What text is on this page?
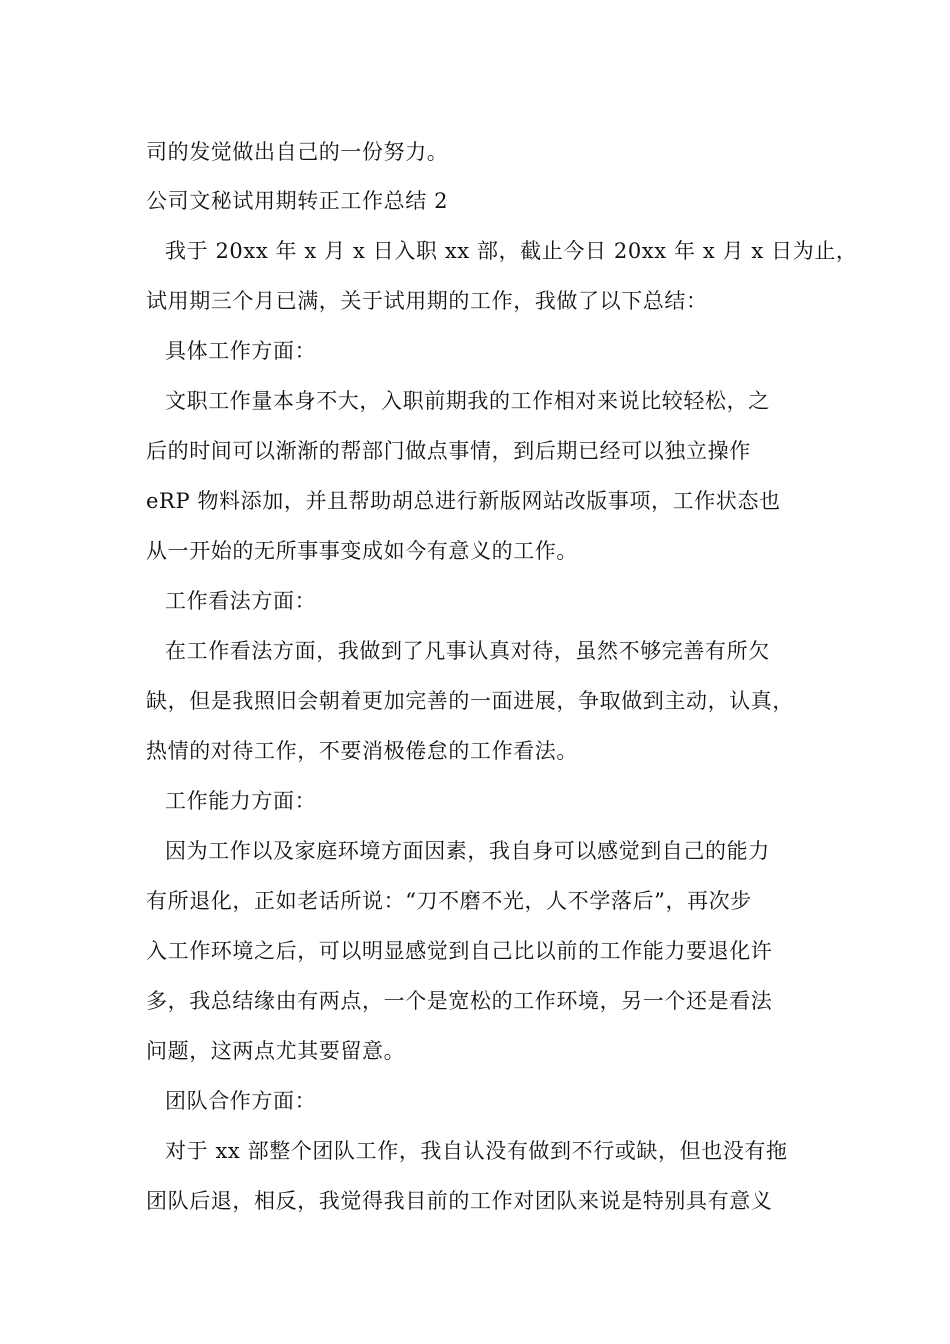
司的发觉做出自己的一份努力。
公司文秘试用期转正工作总结 2
我于 20xx 年 x 月 x 日入职 xx 部，截止今日 20xx 年 x 月 x 日为止，
试用期三个月已满，关于试用期的工作，我做了以下总结：
具体工作方面：
文职工作量本身不大，入职前期我的工作相对来说比较轻松，之
后的时间可以渐渐的帮部门做点事情，到后期已经可以独立操作
eRP 物料添加，并且帮助胡总进行新版网站改版事项，工作状态也
从一开始的无所事事变成如今有意义的工作。
工作看法方面：
在工作看法方面，我做到了凡事认真对待，虽然不够完善有所欠
缺，但是我照旧会朝着更加完善的一面进展，争取做到主动，认真，
热情的对待工作，不要消极倦怠的工作看法。
工作能力方面：
因为工作以及家庭环境方面因素，我自身可以感觉到自己的能力
有所退化，正如老话所说：“刀不磨不光，人不学落后”，再次步
入工作环境之后，可以明显感觉到自己比以前的工作能力要退化许
多，我总结缘由有两点，一个是宽松的工作环境，另一个还是看法
问题，这两点尤其要留意。
团队合作方面：
对于 xx 部整个团队工作，我自认没有做到不行或缺，但也没有拖
团队后退，相反，我觉得我目前的工作对团队来说是特别具有意义
